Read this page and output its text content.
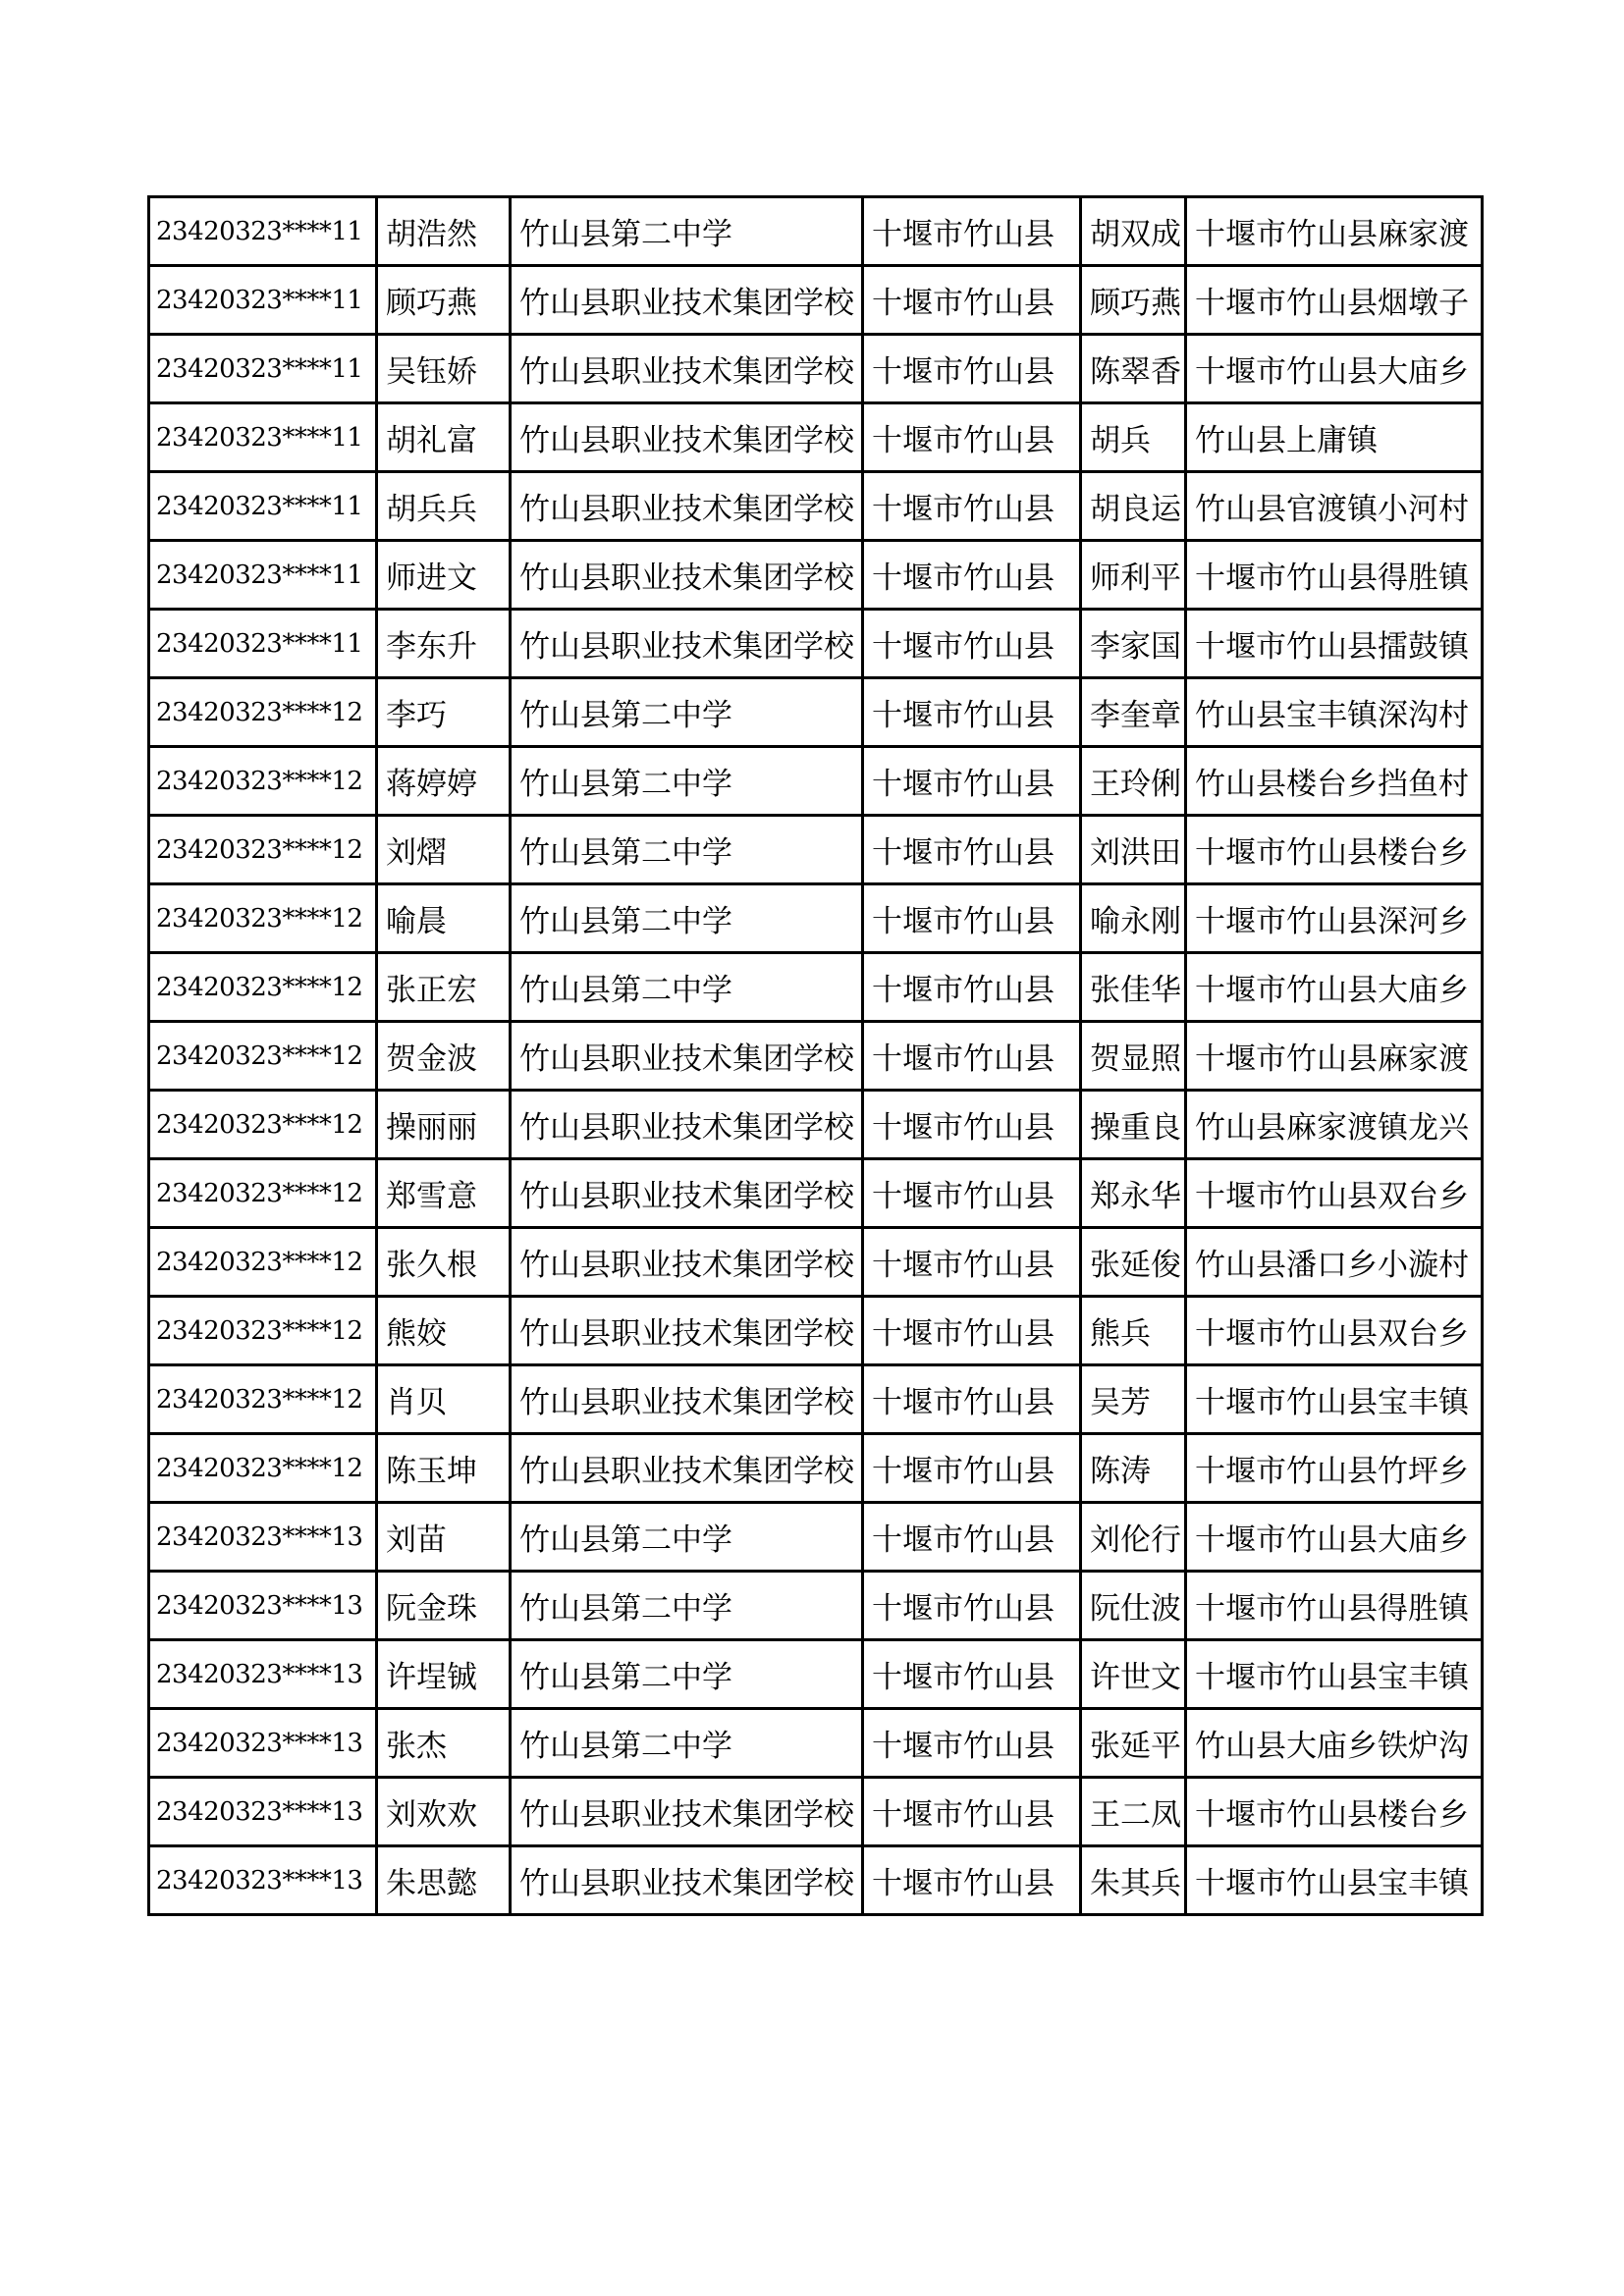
23420323****11	胡浩然	竹山县第二中学	十堰市竹山县	胡双成	十堰市竹山县麻家渡
23420323****11	顾巧燕	竹山县职业技术集团学校	十堰市竹山县	顾巧燕	十堰市竹山县烟墩子
23420323****11	吴钰娇	竹山县职业技术集团学校	十堰市竹山县	陈翠香	十堰市竹山县大庙乡
23420323****11	胡礼富	竹山县职业技术集团学校	十堰市竹山县	胡兵	竹山县上庸镇
23420323****11	胡兵兵	竹山县职业技术集团学校	十堰市竹山县	胡良运	竹山县官渡镇小河村
23420323****11	师进文	竹山县职业技术集团学校	十堰市竹山县	师利平	十堰市竹山县得胜镇
23420323****11	李东升	竹山县职业技术集团学校	十堰市竹山县	李家国	十堰市竹山县擂鼓镇
23420323****12	李巧	竹山县第二中学	十堰市竹山县	李奎章	竹山县宝丰镇深沟村
23420323****12	蒋婷婷	竹山县第二中学	十堰市竹山县	王玲俐	竹山县楼台乡挡鱼村
23420323****12	刘熠	竹山县第二中学	十堰市竹山县	刘洪田	十堰市竹山县楼台乡
23420323****12	喻晨	竹山县第二中学	十堰市竹山县	喻永刚	十堰市竹山县深河乡
23420323****12	张正宏	竹山县第二中学	十堰市竹山县	张佳华	十堰市竹山县大庙乡
23420323****12	贺金波	竹山县职业技术集团学校	十堰市竹山县	贺显照	十堰市竹山县麻家渡
23420323****12	操丽丽	竹山县职业技术集团学校	十堰市竹山县	操重良	竹山县麻家渡镇龙兴
23420323****12	郑雪意	竹山县职业技术集团学校	十堰市竹山县	郑永华	十堰市竹山县双台乡
23420323****12	张久根	竹山县职业技术集团学校	十堰市竹山县	张延俊	竹山县潘口乡小漩村
23420323****12	熊姣	竹山县职业技术集团学校	十堰市竹山县	熊兵	十堰市竹山县双台乡
23420323****12	肖贝	竹山县职业技术集团学校	十堰市竹山县	吴芳	十堰市竹山县宝丰镇
23420323****12	陈玉坤	竹山县职业技术集团学校	十堰市竹山县	陈涛	十堰市竹山县竹坪乡
23420323****13	刘苗	竹山县第二中学	十堰市竹山县	刘伦行	十堰市竹山县大庙乡
23420323****13	阮金珠	竹山县第二中学	十堰市竹山县	阮仕波	十堰市竹山县得胜镇
23420323****13	许埕铖	竹山县第二中学	十堰市竹山县	许世文	十堰市竹山县宝丰镇
23420323****13	张杰	竹山县第二中学	十堰市竹山县	张延平	竹山县大庙乡铁炉沟
23420323****13	刘欢欢	竹山县职业技术集团学校	十堰市竹山县	王二凤	十堰市竹山县楼台乡
23420323****13	朱思懿	竹山县职业技术集团学校	十堰市竹山县	朱其兵	十堰市竹山县宝丰镇
